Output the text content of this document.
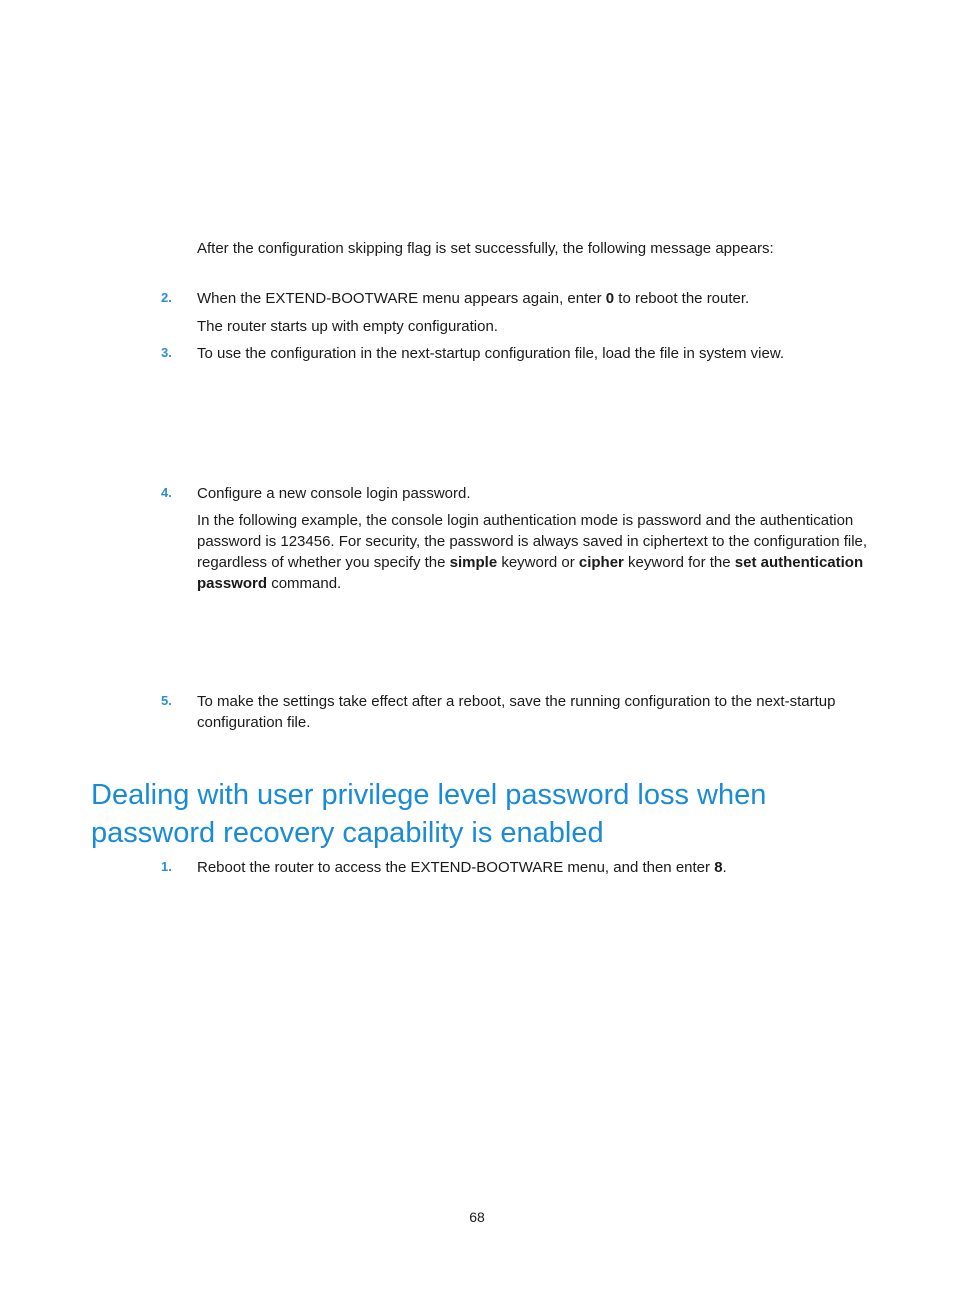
After the configuration skipping flag is set successfully, the following message appears:

2. When the EXTEND-BOOTWARE menu appears again, enter 0 to reboot the router.

The router starts up with empty configuration.

3. To use the configuration in the next-startup configuration file, load the file in system view.

4. Configure a new console login password.

In the following example, the console login authentication mode is password and the authentication password is 123456. For security, the password is always saved in ciphertext to the configuration file, regardless of whether you specify the simple keyword or cipher keyword for the set authentication password command.

5. To make the settings take effect after a reboot, save the running configuration to the next-startup configuration file.

Dealing with user privilege level password loss when password recovery capability is enabled
1. Reboot the router to access the EXTEND-BOOTWARE menu, and then enter 8.

68
